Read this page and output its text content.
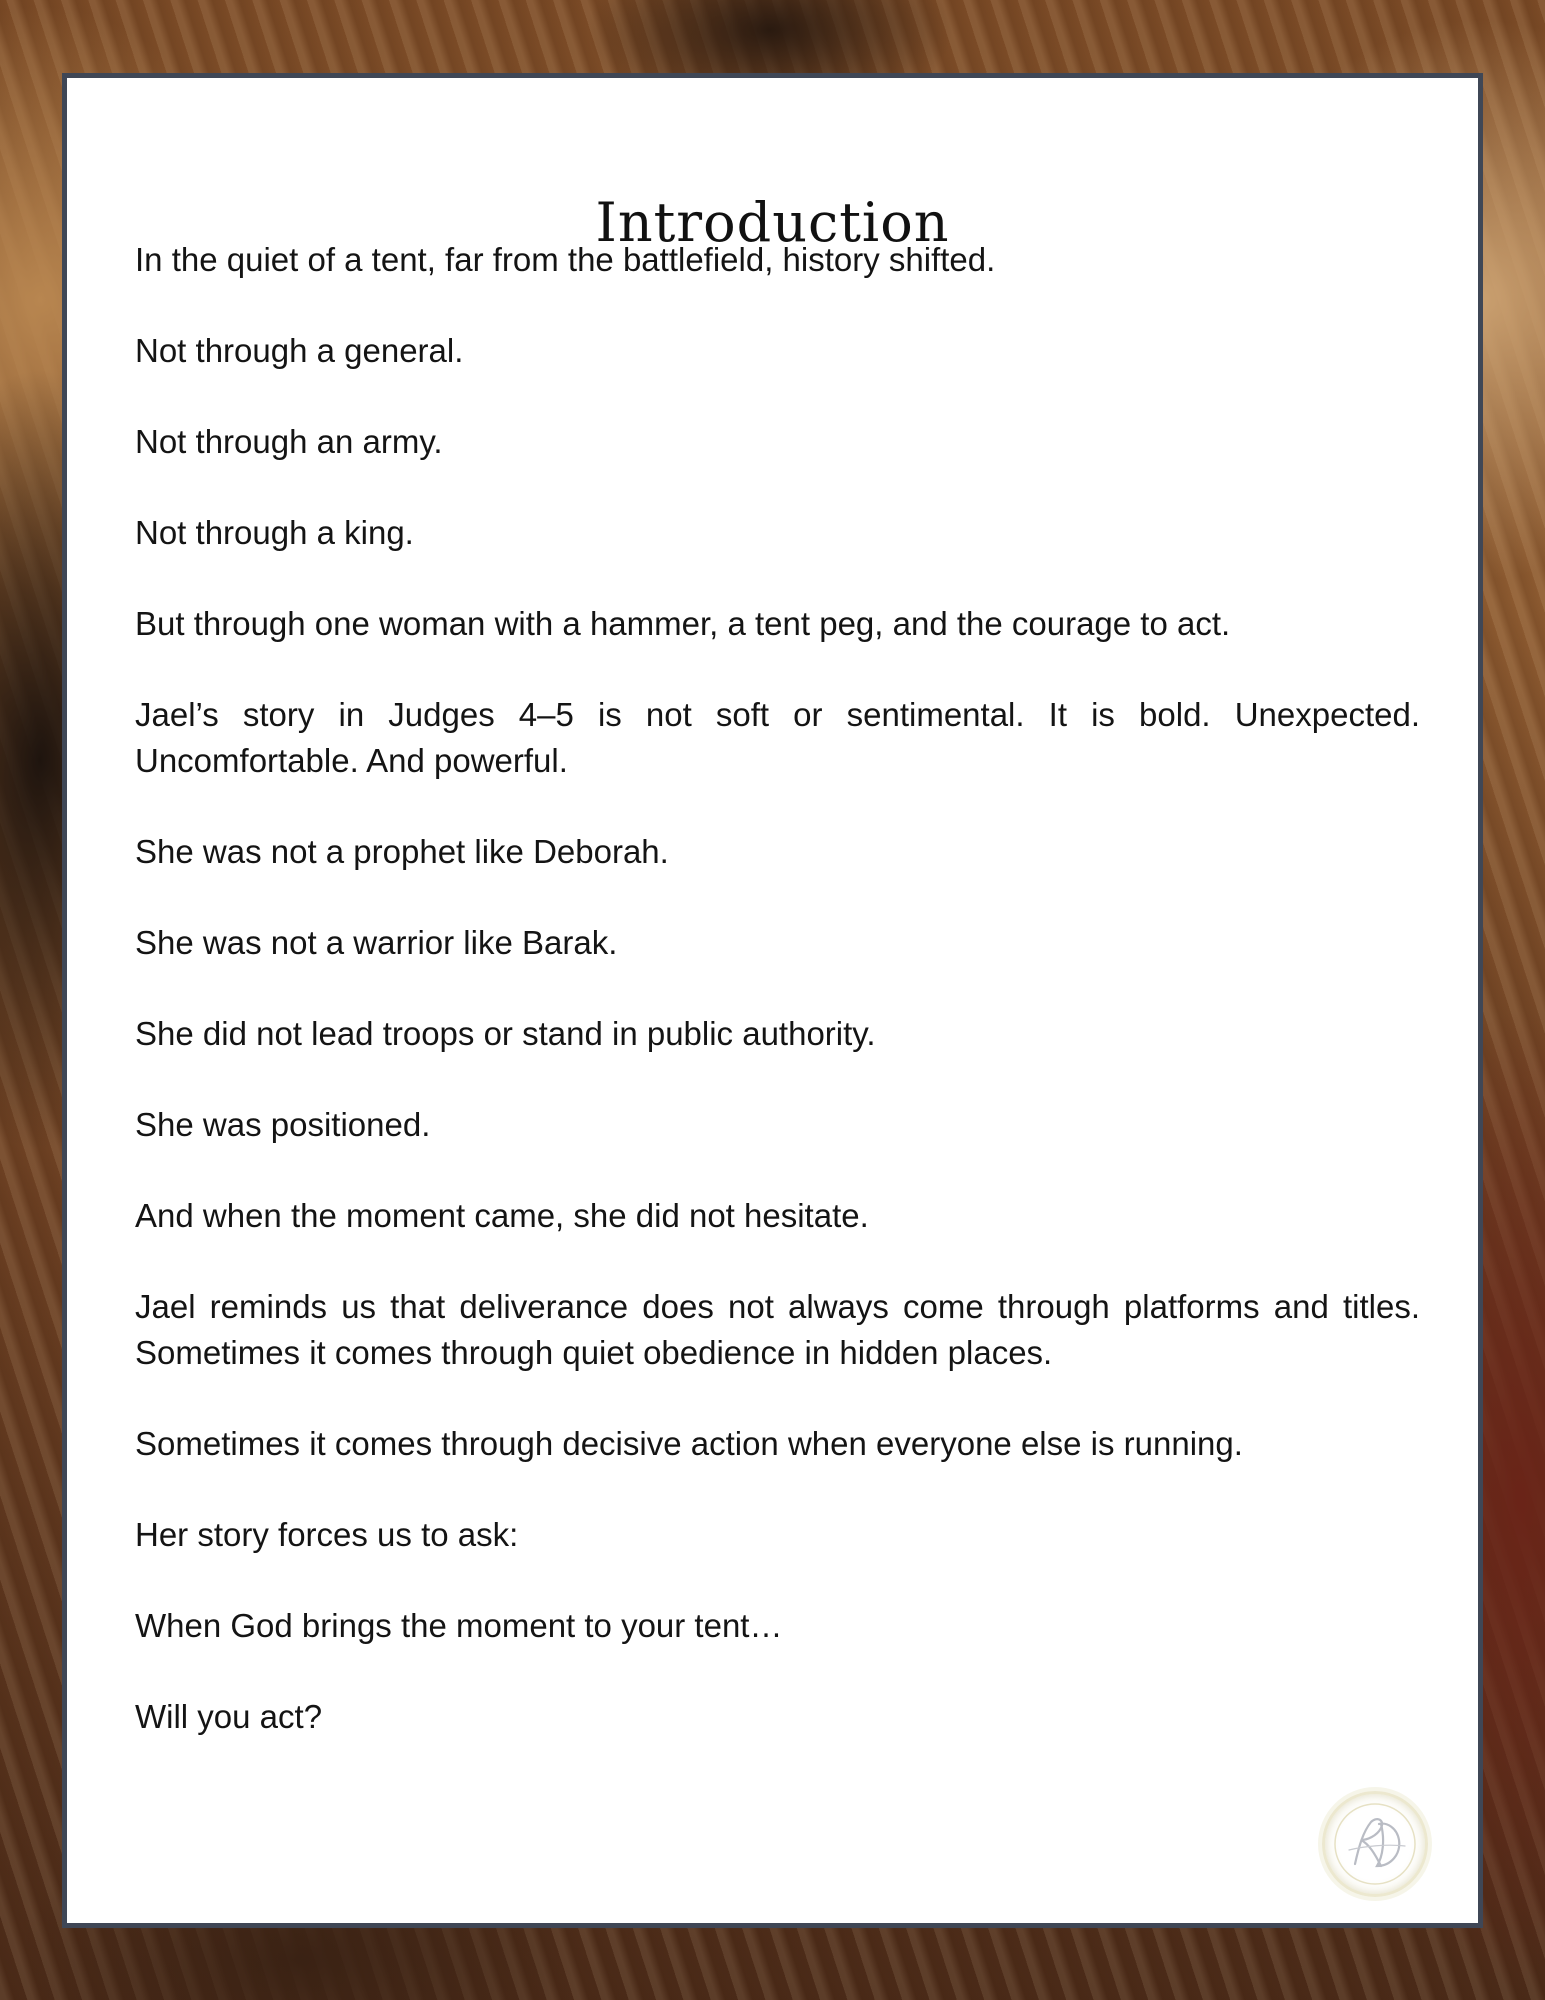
Introduction

In the quiet of a tent, far from the battlefield, history shifted.

Not through a general.

Not through an army.

Not through a king.

But through one woman with a hammer, a tent peg, and the courage to act.

Jael’s story in Judges 4–5 is not soft or sentimental. It is bold. Unexpected. Uncomfortable. And powerful.

She was not a prophet like Deborah.

She was not a warrior like Barak.

She did not lead troops or stand in public authority.

She was positioned.

And when the moment came, she did not hesitate.

Jael reminds us that deliverance does not always come through platforms and titles. Sometimes it comes through quiet obedience in hidden places.

Sometimes it comes through decisive action when everyone else is running.

Her story forces us to ask:

When God brings the moment to your tent…

Will you act?
